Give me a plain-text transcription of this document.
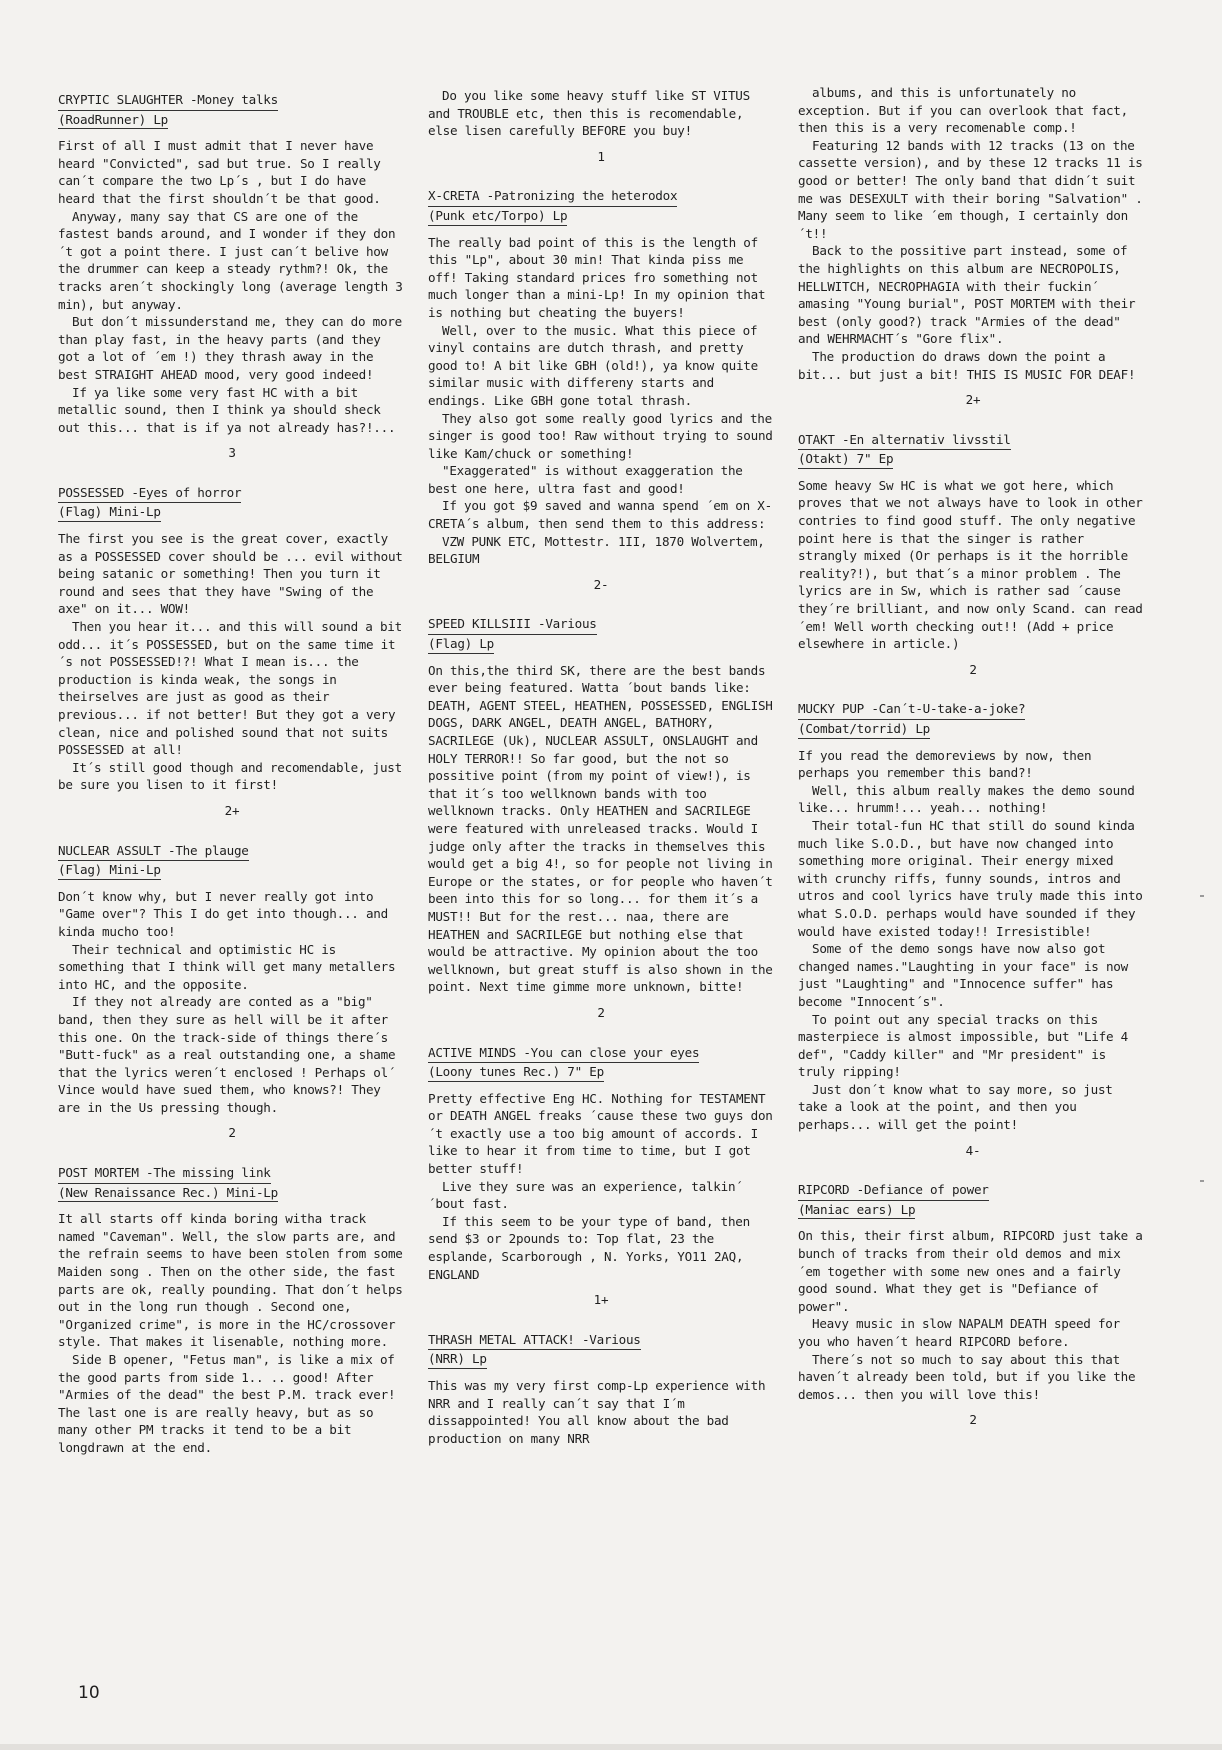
CRYPTIC SLAUGHTER -Money talks
(RoadRunner) Lp

First of all I must admit that I never have heard "Convicted", sad but true. So I really can´t compare the two Lp´s , but I do have heard that the first shouldn´t be that good.

Anyway, many say that CS are one of the fastest bands around, and I wonder if they don´t got a point there. I just can´t belive how the drummer can keep a steady rythm?! Ok, the tracks aren´t shockingly long (average length 3 min), but anyway.

But don´t missunderstand me, they can do more than play fast, in the heavy parts (and they got a lot of ´em !) they thrash away in the best STRAIGHT AHEAD mood, very good indeed!

If ya like some very fast HC with a bit metallic sound, then I think ya should sheck out this... that is if ya not already has?!...

3
POSSESSED -Eyes of horror
(Flag) Mini-Lp

The first you see is the great cover, exactly as a POSSESSED cover should be ... evil without being satanic or something! Then you turn it round and sees that they have "Swing of the axe" on it... WOW!

Then you hear it... and this will sound a bit odd... it´s POSSESSED, but on the same time it´s not POSSESSED!?! What I mean is... the production is kinda weak, the songs in theirselves are just as good as their previous... if not better! But they got a very clean, nice and polished sound that not suits POSSESSED at all!

It´s still good though and recomendable, just be sure you lisen to it first!

2+
NUCLEAR ASSULT -The plauge
(Flag) Mini-Lp

Don´t know why, but I never really got into "Game over"? This I do get into though... and kinda mucho too!

Their technical and optimistic HC is something that I think will get many metallers into HC, and the opposite.

If they not already are conted as a "big" band, then they sure as hell will be it after this one. On the track-side of things there´s "Butt-fuck" as a real outstanding one, a shame that the lyrics weren´t enclosed ! Perhaps ol´ Vince would have sued them, who knows?! They are in the Us pressing though.

2
POST MORTEM -The missing link
(New Renaissance Rec.) Mini-Lp

It all starts off kinda boring witha track named "Caveman". Well, the slow parts are, and the refrain seems to have been stolen from some Maiden song . Then on the other side, the fast parts are ok, really pounding. That don´t helps out in the long run though . Second one, "Organized crime", is more in the HC/crossover style. That makes it lisenable, nothing more.

Side B opener, "Fetus man", is like a mix of the good parts from side 1.. .. good! After "Armies of the dead" the best P.M. track ever! The last one is are really heavy, but as so many other PM tracks it tend to be a bit longdrawn at the end.

Do you like some heavy stuff like ST VITUS and TROUBLE etc, then this is recomendable, else lisen carefully BEFORE you buy!

1
X-CRETA -Patronizing the heterodox
(Punk etc/Torpo) Lp

The really bad point of this is the length of this "Lp", about 30 min! That kinda piss me off! Taking standard prices fro something not much longer than a mini-Lp! In my opinion that is nothing but cheating the buyers!

Well, over to the music. What this piece of vinyl contains are dutch thrash, and pretty good to! A bit like GBH (old!), ya know quite similar music with differeny starts and endings. Like GBH gone total thrash.

They also got some really good lyrics and the singer is good too! Raw without trying to sound like Kam/chuck or something!

"Exaggerated" is without exaggeration the best one here, ultra fast and good!

If you got $9 saved and wanna spend ´em on X-CRETA´s album, then send them to this address:

VZW PUNK ETC, Mottestr. 1II, 1870 Wolvertem, BELGIUM

2-
SPEED KILLSIII -Various
(Flag) Lp

On this,the third SK, there are the best bands ever being featured. Watta ´bout bands like: DEATH, AGENT STEEL, HEATHEN, POSSESSED, ENGLISH DOGS, DARK ANGEL, DEATH ANGEL, BATHORY, SACRILEGE (Uk), NUCLEAR ASSULT, ONSLAUGHT and HOLY TERROR!! So far good, but the not so possitive point (from my point of view!), is that it´s too wellknown bands with too wellknown tracks. Only HEATHEN and SACRILEGE were featured with unreleased tracks. Would I judge only after the tracks in themselves this would get a big 4!, so for people not living in Europe or the states, or for people who haven´t been into this for so long... for them it´s a MUST!! But for the rest... naa, there are HEATHEN and SACRILEGE but nothing else that would be attractive. My opinion about the too wellknown, but great stuff is also shown in the point. Next time gimme more unknown, bitte!

2
ACTIVE MINDS -You can close your eyes
(Loony tunes Rec.) 7" Ep

Pretty effective Eng HC. Nothing for TESTAMENT or DEATH ANGEL freaks ´cause these two guys don´t exactly use a too big amount of accords. I like to hear it from time to time, but I got better stuff!

Live they sure was an experience, talkin´ ´bout fast.

If this seem to be your type of band, then send $3 or 2pounds to: Top flat, 23 the esplande, Scarborough , N. Yorks, YO11 2AQ, ENGLAND

1+
THRASH METAL ATTACK! -Various
(NRR) Lp

This was my very first comp-Lp experience with NRR and I really can´t say that I´m dissappointed! You all know about the bad production on many NRR

albums, and this is unfortunately no exception. But if you can overlook that fact, then this is a very recomenable comp.!

Featuring 12 bands with 12 tracks (13 on the cassette version), and by these 12 tracks 11 is good or better! The only band that didn´t suit me was DESEXULT with their boring "Salvation" . Many seem to like ´em though, I certainly don´t!!

Back to the possitive part instead, some of the highlights on this album are NECROPOLIS, HELLWITCH, NECROPHAGIA with their fuckin´ amasing "Young burial", POST MORTEM with their best (only good?) track "Armies of the dead" and WEHRMACHT´s "Gore flix".

The production do draws down the point a bit... but just a bit! THIS IS MUSIC FOR DEAF!

2+
OTAKT -En alternativ livsstil
(Otakt) 7" Ep

Some heavy Sw HC is what we got here, which proves that we not always have to look in other contries to find good stuff. The only negative point here is that the singer is rather strangly mixed (Or perhaps is it the horrible reality?!), but that´s a minor problem . The lyrics are in Sw, which is rather sad ´cause they´re brilliant, and now only Scand. can read ´em! Well worth checking out!! (Add + price elsewhere in article.)

2
MUCKY PUP -Can´t-U-take-a-joke?
(Combat/torrid) Lp

If you read the demoreviews by now, then perhaps you remember this band?!

Well, this album really makes the demo sound like... hrumm!... yeah... nothing!

Their total-fun HC that still do sound kinda much like S.O.D., but have now changed into something more original. Their energy mixed with crunchy riffs, funny sounds, intros and utros and cool lyrics have truly made this into what S.O.D. perhaps would have sounded if they would have existed today!! Irresistible!

Some of the demo songs have now also got changed names."Laughting in your face" is now just "Laughting" and "Innocence suffer" has become "Innocent´s".

To point out any special tracks on this masterpiece is almost impossible, but "Life 4 def", "Caddy killer" and "Mr president" is truly ripping!

Just don´t know what to say more, so just take a look at the point, and then you perhaps... will get the point!

4-
RIPCORD -Defiance of power
(Maniac ears) Lp

On this, their first album, RIPCORD just take a bunch of tracks from their old demos and mix ´em together with some new ones and a fairly good sound. What they get is "Defiance of power".

Heavy music in slow NAPALM DEATH speed for you who haven´t heard RIPCORD before.

There´s not so much to say about this that haven´t already been told, but if you like the demos... then you will love this!

2
10
